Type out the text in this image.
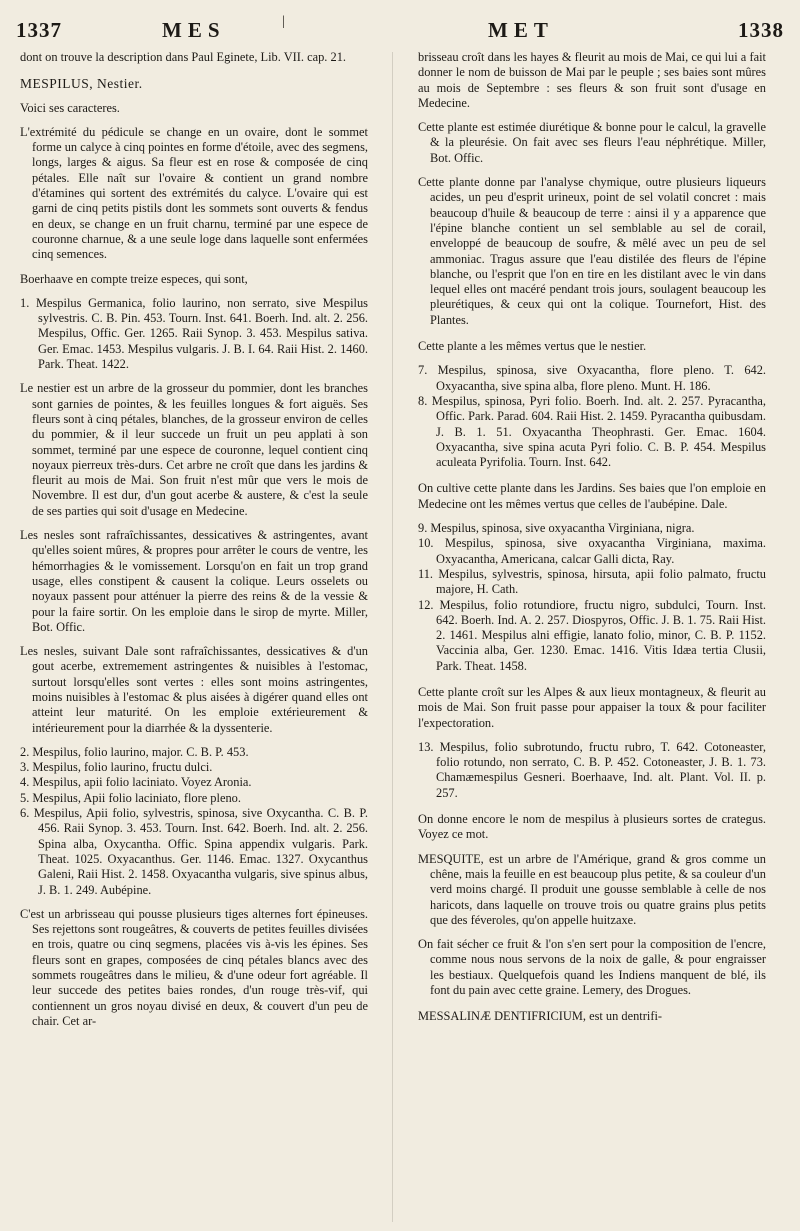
1337	MES	|	MET	1338

dont on trouve la description dans Paul Eginete, Lib. VII. cap. 21.

MESPILUS, Nestier.

Voici ses caracteres.

L'extrémité du pédicule se change en un ovaire, dont le sommet forme un calyce à cinq pointes en forme d'étoile, avec des segmens, longs, larges & aigus. Sa fleur est en rose & composée de cinq pétales. Elle naît sur l'ovaire & contient un grand nombre d'étamines qui sortent des extrémités du calyce. L'ovaire qui est garni de cinq petits pistils dont les sommets sont ouverts & fendus en deux, se change en un fruit charnu, terminé par une espece de couronne charnue, & a une seule loge dans laquelle sont enfermées cinq semences.

Boerhaave en compte treize especes, qui sont,

1. Mespilus Germanica, folio laurino, non serrato, sive Mespilus sylvestris. C. B. Pin. 453. Tourn. Inst. 641. Boerh. Ind. alt. 2. 256. Mespilus, Offic. Ger. 1265. Raii Synop. 3. 453. Mespilus sativa. Ger. Emac. 1453. Mespilus vulgaris. J. B. I. 64. Raii Hist. 2. 1460. Park. Theat. 1422.

Le nestier est un arbre de la grosseur du pommier, dont les branches sont garnies de pointes, & les feuilles longues & fort aiguës. Ses fleurs sont à cinq pétales, blanches, de la grosseur environ de celles du pommier, & il leur succede un fruit un peu applati à son sommet, terminé par une espece de couronne, lequel contient cinq noyaux pierreux très-durs. Cet arbre ne croît que dans les jardins & fleurit au mois de Mai. Son fruit n'est mûr que vers le mois de Novembre. Il est dur, d'un gout acerbe & austere, & c'est la seule de ses parties qui soit d'usage en Medecine.

Les nesles sont rafraîchissantes, dessicatives & astringentes, avant qu'elles soient mûres, & propres pour arrêter le cours de ventre, les hémorrhagies & le vomissement. Lorsqu'on en fait un trop grand usage, elles constipent & causent la colique. Leurs osselets ou noyaux passent pour atténuer la pierre des reins & de la vessie & pour la faire sortir. On les emploie dans le sirop de myrte. Miller, Bot. Offic.

Les nesles, suivant Dale sont rafraîchissantes, dessicatives & d'un gout acerbe, extremement astringentes & nuisibles à l'estomac, surtout lorsqu'elles sont vertes : elles sont moins astringentes, moins nuisibles à l'estomac & plus aisées à digérer quand elles ont atteint leur maturité. On les emploie extérieurement & intérieurement pour la diarrhée & la dyssenterie.

2. Mespilus, folio laurino, major. C. B. P. 453.
3. Mespilus, folio laurino, fructu dulci.
4. Mespilus, apii folio laciniato. Voyez Aronia.
5. Mespilus, Apii folio laciniato, flore pleno.
6. Mespilus, Apii folio, sylvestris, spinosa, sive Oxycantha. C. B. P. 456. Raii Synop. 3. 453. Tourn. Inst. 642. Boerh. Ind. alt. 2. 256. Spina alba, Oxycantha. Offic. Spina appendix vulgaris. Park. Theat. 1025. Oxyacanthus. Ger. 1146. Emac. 1327. Oxycanthus Galeni, Raii Hist. 2. 1458. Oxyacantha vulgaris, sive spinus albus, J. B. 1. 249. Aubépine.

C'est un arbrisseau qui pousse plusieurs tiges alternes fort épineuses. Ses rejettons sont rougeâtres, & couverts de petites feuilles divisées en trois, quatre ou cinq segmens, placées vis à-vis les épines. Ses fleurs sont en grapes, composées de cinq pétales blancs avec des sommets rougeâtres dans le milieu, & d'une odeur fort agréable. Il leur succede des petites baies rondes, d'un rouge très-vif, qui contiennent un gros noyau divisé en deux, & couvert d'un peu de chair. Cet ar-

brisseau croît dans les hayes & fleurit au mois de Mai, ce qui lui a fait donner le nom de buisson de Mai par le peuple ; ses baies sont mûres au mois de Septembre : ses fleurs & son fruit sont d'usage en Medecine.

Cette plante est estimée diurétique & bonne pour le calcul, la gravelle & la pleurésie. On fait avec ses fleurs l'eau néphrétique. Miller, Bot. Offic.

Cette plante donne par l'analyse chymique, outre plusieurs liqueurs acides, un peu d'esprit urineux, point de sel volatil concret : mais beaucoup d'huile & beaucoup de terre : ainsi il y a apparence que l'épine blanche contient un sel semblable au sel de corail, enveloppé de beaucoup de soufre, & mêlé avec un peu de sel ammoniac. Tragus assure que l'eau distilée des fleurs de l'épine blanche, ou l'esprit que l'on en tire en les distilant avec le vin dans lequel elles ont macéré pendant trois jours, soulagent beaucoup les pleurétiques, & ceux qui ont la colique. Tournefort, Hist. des Plantes.

Cette plante a les mêmes vertus que le nestier.

7. Mespilus, spinosa, sive Oxyacantha, flore pleno. T. 642. Oxyacantha, sive spina alba, flore pleno. Munt. H. 186.
8. Mespilus, spinosa, Pyri folio. Boerh. Ind. alt. 2. 257. Pyracantha, Offic. Park. Parad. 604. Raii Hist. 2. 1459. Pyracantha quibusdam. J. B. 1. 51. Oxyacantha Theophrasti. Ger. Emac. 1604. Oxyacantha, sive spina acuta Pyri folio. C. B. P. 454. Mespilus aculeata Pyrifolia. Tourn. Inst. 642.

On cultive cette plante dans les Jardins. Ses baies que l'on emploie en Medecine ont les mêmes vertus que celles de l'aubépine. Dale.

9. Mespilus, spinosa, sive oxyacantha Virginiana, nigra.
10. Mespilus, spinosa, sive oxyacantha Virginiana, maxima. Oxyacantha, Americana, calcar Galli dicta, Ray.
11. Mespilus, sylvestris, spinosa, hirsuta, apii folio palmato, fructu majore, H. Cath.
12. Mespilus, folio rotundiore, fructu nigro, subdulci, Tourn. Inst. 642. Boerh. Ind. A. 2. 257. Diospyros, Offic. J. B. 1. 75. Raii Hist. 2. 1461. Mespilus alni effigie, lanato folio, minor, C. B. P. 1152. Vaccinia alba, Ger. 1230. Emac. 1416. Vitis Idæa tertia Clusii, Park. Theat. 1458.

Cette plante croît sur les Alpes & aux lieux montagneux, & fleurit au mois de Mai. Son fruit passe pour appaiser la toux & pour faciliter l'expectoration.

13. Mespilus, folio subrotundo, fructu rubro, T. 642. Cotoneaster, folio rotundo, non serrato, C. B. P. 452. Cotoneaster, J. B. 1. 73. Chamæmespilus Gesneri. Boerhaave, Ind. alt. Plant. Vol. II. p. 257.

On donne encore le nom de mespilus à plusieurs sortes de crategus. Voyez ce mot.

MESQUITE, est un arbre de l'Amérique, grand & gros comme un chêne, mais la feuille en est beaucoup plus petite, & sa couleur d'un verd moins chargé. Il produit une gousse semblable à celle de nos haricots, dans laquelle on trouve trois ou quatre grains plus petits que des féveroles, qu'on appelle huitzaxe.

On fait sécher ce fruit & l'on s'en sert pour la composition de l'encre, comme nous nous servons de la noix de galle, & pour engraisser les bestiaux. Quelquefois quand les Indiens manquent de blé, ils font du pain avec cette graine. Lemery, des Drogues.

MESSALINÆ DENTIFRICIUM, est un dentrifi-
